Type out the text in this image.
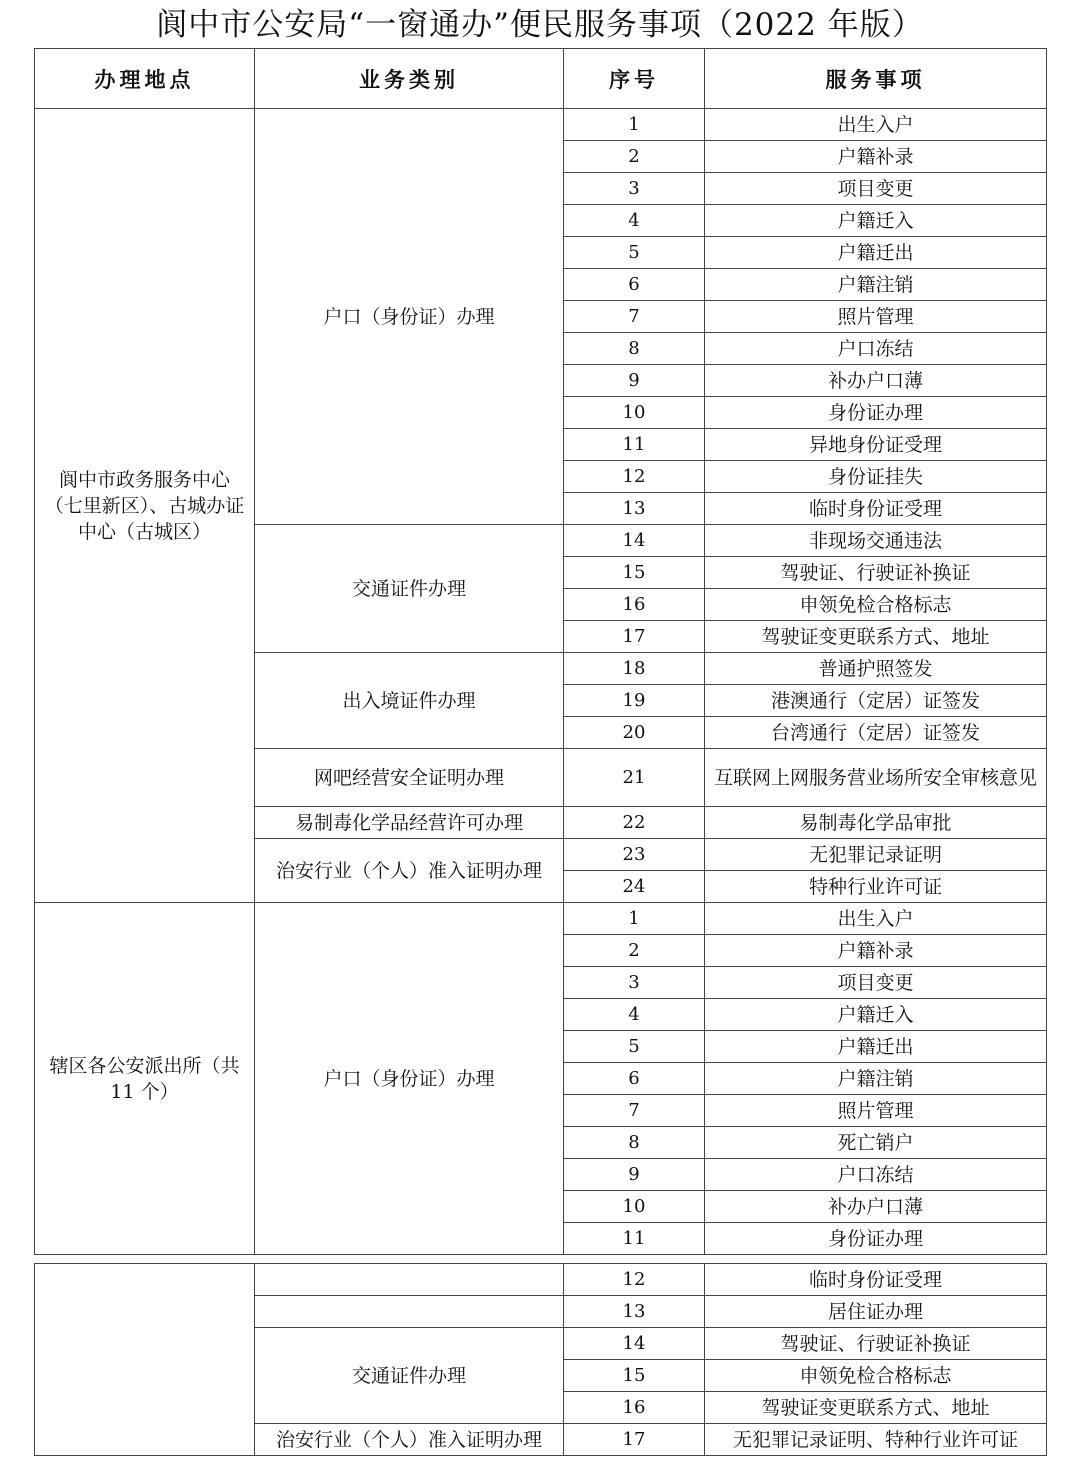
阆中市公安局“一窗通办”便民服务事项（2022 年版）
办理地点	业务类别	序号	服务事项
阆中市政务服务中心（七里新区）、古城办证中心（古城区）	户口（身份证）办理	1	出生入户
		2	户籍补录
		3	项目变更
		4	户籍迁入
		5	户籍迁出
		6	户籍注销
		7	照片管理
		8	户口冻结
		9	补办户口薄
		10	身份证办理
		11	异地身份证受理
		12	身份证挂失
		13	临时身份证受理
	交通证件办理	14	非现场交通违法
		15	驾驶证、行驶证补换证
		16	申领免检合格标志
		17	驾驶证变更联系方式、地址
	出入境证件办理	18	普通护照签发
		19	港澳通行（定居）证签发
		20	台湾通行（定居）证签发
	网吧经营安全证明办理	21	互联网上网服务营业场所安全审核意见
	易制毒化学品经营许可办理	22	易制毒化学品审批
	治安行业（个人）准入证明办理	23	无犯罪记录证明
		24	特种行业许可证
辖区各公安派出所（共11 个）	户口（身份证）办理	1	出生入户
		2	户籍补录
		3	项目变更
		4	户籍迁入
		5	户籍迁出
		6	户籍注销
		7	照片管理
		8	死亡销户
		9	户口冻结
		10	补办户口薄
		11	身份证办理
		12	临时身份证受理
		13	居住证办理
	交通证件办理	14	驾驶证、行驶证补换证
		15	申领免检合格标志
		16	驾驶证变更联系方式、地址
	治安行业（个人）准入证明办理	17	无犯罪记录证明、特种行业许可证
